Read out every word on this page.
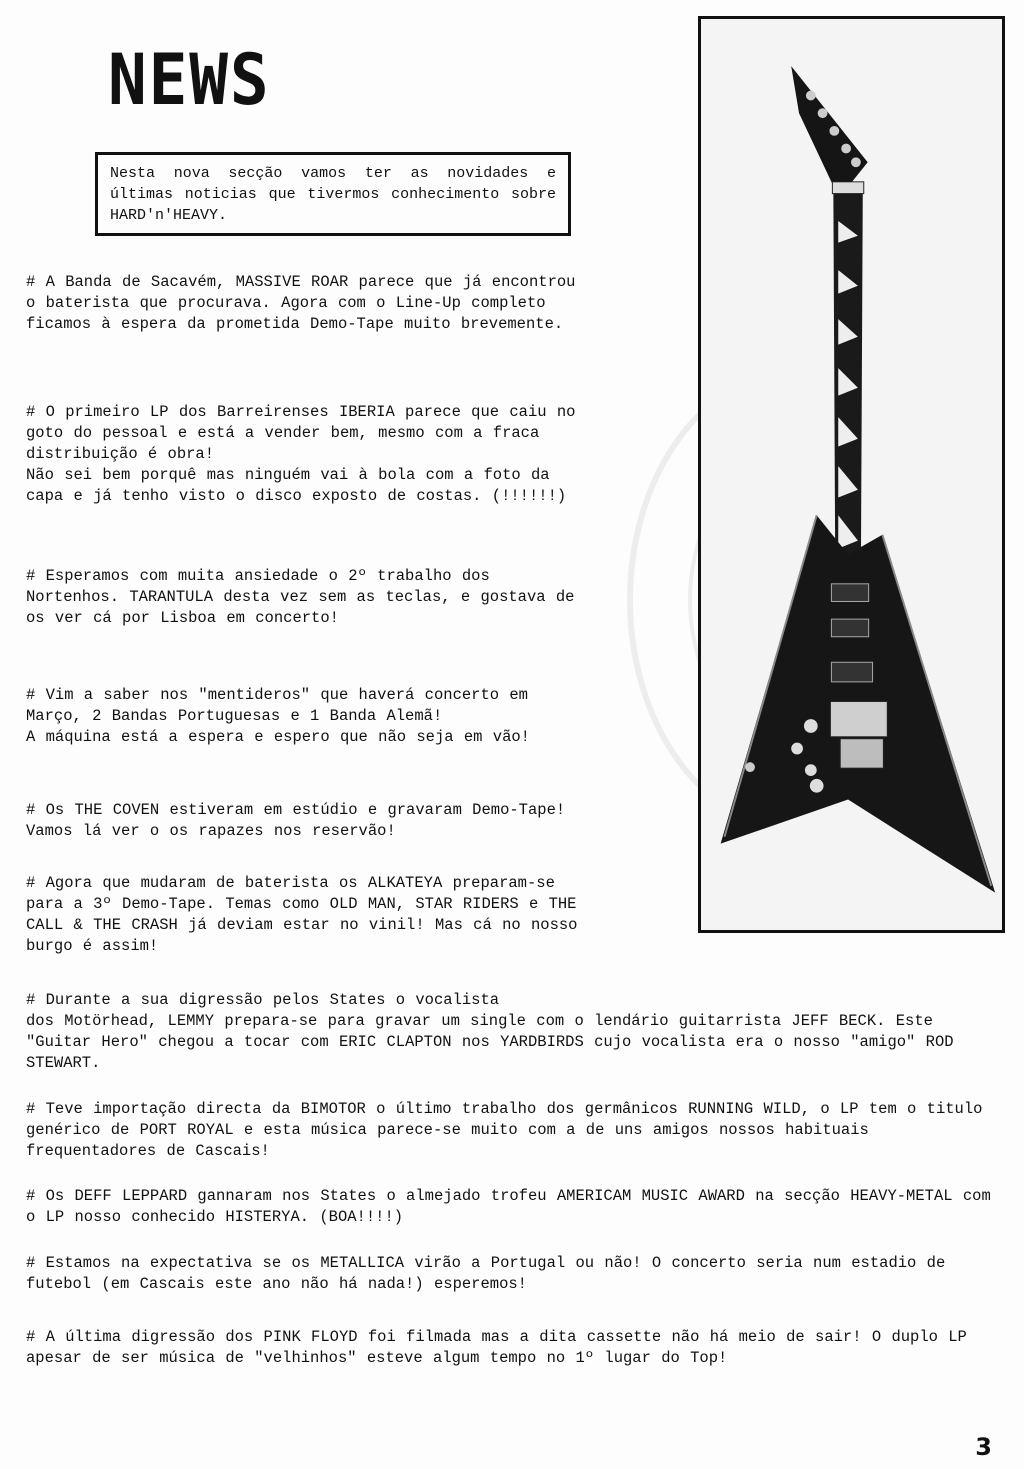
NEWS
Nesta nova secção vamos ter as novidades e últimas noticias que tivermos conhecimento sobre HARD'n'HEAVY.
# A Banda de Sacavém, MASSIVE ROAR parece que já encontrou o baterista que procurava. Agora com o Line-Up completo ficamos à espera da prometida Demo-Tape muito brevemente.
# O primeiro LP dos Barreirenses IBERIA parece que caiu no goto do pessoal e está a vender bem, mesmo com a fraca distribuição é obra!
Não sei bem porquê mas ninguém vai à bola com a foto da capa e já tenho visto o disco exposto de costas. (!!!!!!)
# Esperamos com muita ansiedade o 2º trabalho dos Nortenhos. TARANTULA desta vez sem as teclas, e gostava de os ver cá por Lisboa em concerto!
# Vim a saber nos "mentideros" que haverá concerto em Março, 2 Bandas Portuguesas e 1 Banda Alemã!
A máquina está a espera e espero que não seja em vão!
# Os THE COVEN estiveram em estúdio e gravaram Demo-Tape! Vamos lá ver o os rapazes nos reservão!
# Agora que mudaram de baterista os ALKATEYA preparam-se para a 3º Demo-Tape. Temas como OLD MAN, STAR RIDERS e THE CALL & THE CRASH já deviam estar no vinil! Mas cá no nosso burgo é assim!
# Durante a sua digressão pelos States o vocalista
dos Motörhead, LEMMY prepara-se para gravar um single com o lendário guitarrista JEFF BECK. Este "Guitar Hero" chegou a tocar com ERIC CLAPTON nos YARDBIRDS cujo vocalista era o nosso "amigo" ROD STEWART.
# Teve importação directa da BIMOTOR o último trabalho dos germânicos RUNNING WILD, o LP tem o titulo genérico de PORT ROYAL e esta música parece-se muito com a de uns amigos nossos habituais frequentadores de Cascais!
# Os DEFF LEPPARD gannaram nos States o almejado trofeu AMERICAM MUSIC AWARD na secção HEAVY-METAL com o LP nosso conhecido HISTERYA. (BOA!!!!)
# Estamos na expectativa se os METALLICA virão a Portugal ou não! O concerto seria num estadio de futebol (em Cascais este ano não há nada!) esperemos!
# A última digressão dos PINK FLOYD foi filmada mas a dita cassette não há meio de sair! O duplo LP apesar de ser música de "velhinhos" esteve algum tempo no 1º lugar do Top!
3
